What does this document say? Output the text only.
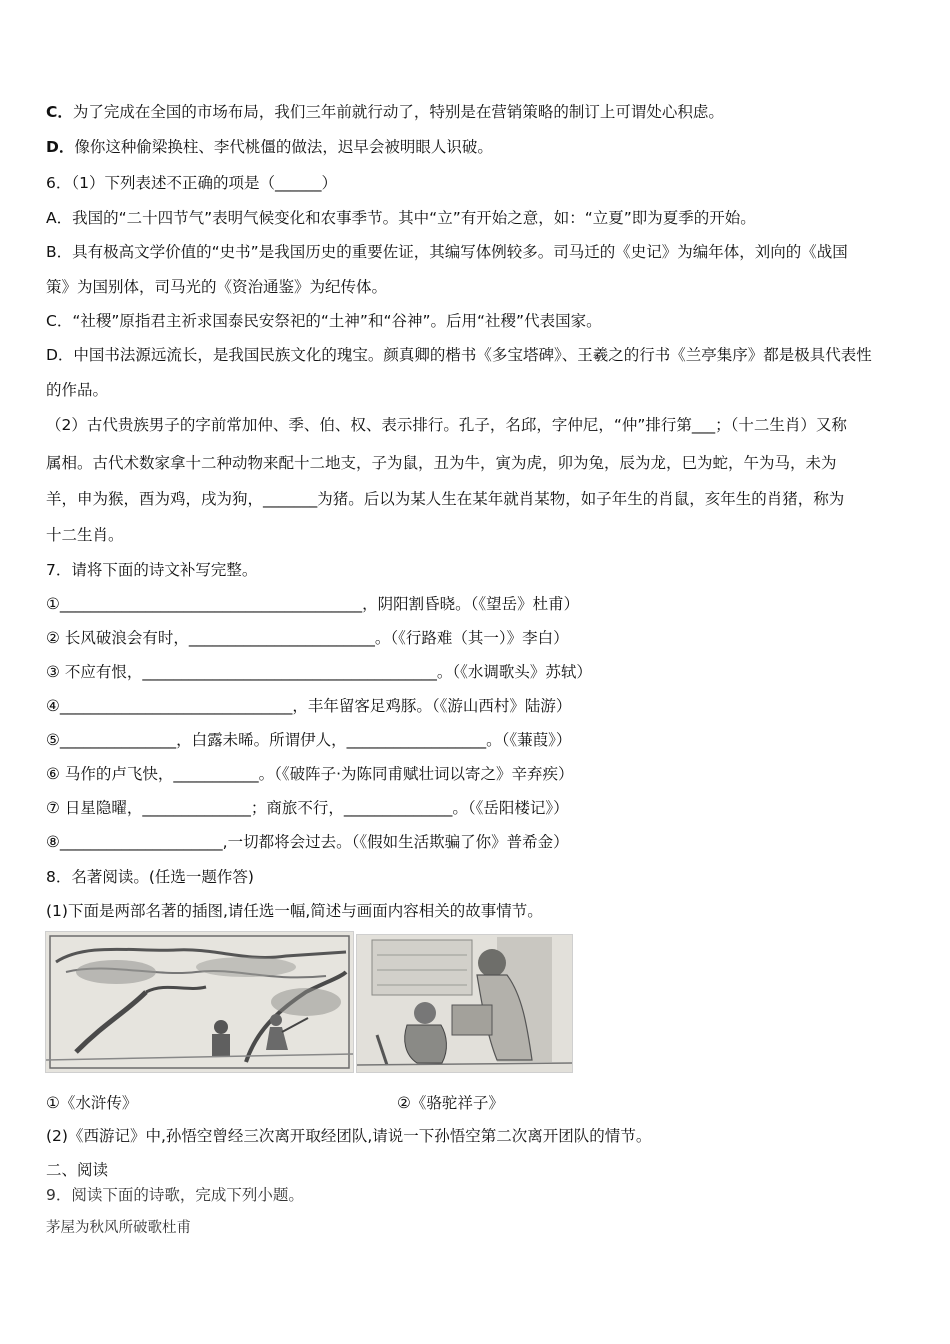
C．为了完成在全国的市场布局，我们三年前就行动了，特别是在营销策略的制订上可谓处心积虑。
D．像你这种偷梁换柱、李代桃僵的做法，迟早会被明眼人识破。
6．（1）下列表述不正确的项是（______）
A．我国的“二十四节气”表明气候变化和农事季节。其中“立”有开始之意，如：“立夏”即为夏季的开始。
B．具有极高文学价值的“史书”是我国历史的重要佐证，其编写体例较多。司马迁的《史记》为编年体，刘向的《战国
策》为国别体，司马光的《资治通鉴》为纪传体。
C．“社稷”原指君主祈求国泰民安祭祀的“土神”和“谷神”。后用“社稷”代表国家。
D．中国书法源远流长，是我国民族文化的瑰宝。颜真卿的楷书《多宝塔碑》、王羲之的行书《兰亭集序》都是极具代表性
的作品。
（2）古代贵族男子的字前常加仲、季、伯、权、表示排行。孔子，名邱，字仲尼，“仲”排行第___；（十二生肖）又称
属相。古代术数家拿十二种动物来配十二地支，子为鼠，丑为牛，寅为虎，卯为兔，辰为龙，巳为蛇，午为马，未为
羊，申为猴，酉为鸡，戌为狗，_______为猪。后以为某人生在某年就肖某物，如子年生的肖鼠，亥年生的肖猪，称为
十二生肖。
7．请将下面的诗文补写完整。
①_______________________________________，阴阳割昏晓。（《望岳》杜甫）
② 长风破浪会有时，________________________。（《行路难（其一）》李白）
③ 不应有恨，______________________________________。（《水调歌头》苏轼）
④______________________________，丰年留客足鸡豚。（《游山西村》陆游）
⑤_______________，白露未晞。所谓伊人，__________________。（《蒹葭》）
⑥ 马作的卢飞快，___________。（《破阵子·为陈同甫赋壮词以寄之》辛弃疾）
⑦ 日星隐曜，______________；商旅不行，______________。（《岳阳楼记》）
⑧_____________________,一切都将会过去。（《假如生活欺骗了你》普希金）
8．名著阅读。(任选一题作答)
(1)下面是两部名著的插图,请任选一幅,简述与画面内容相关的故事情节。
①《水浒传》	②《骆驼祥子》
(2)《西游记》中,孙悟空曾经三次离开取经团队,请说一下孙悟空第二次离开团队的情节。
二、阅读
9．阅读下面的诗歌，完成下列小题。
茅屋为秋风所破歌杜甫
